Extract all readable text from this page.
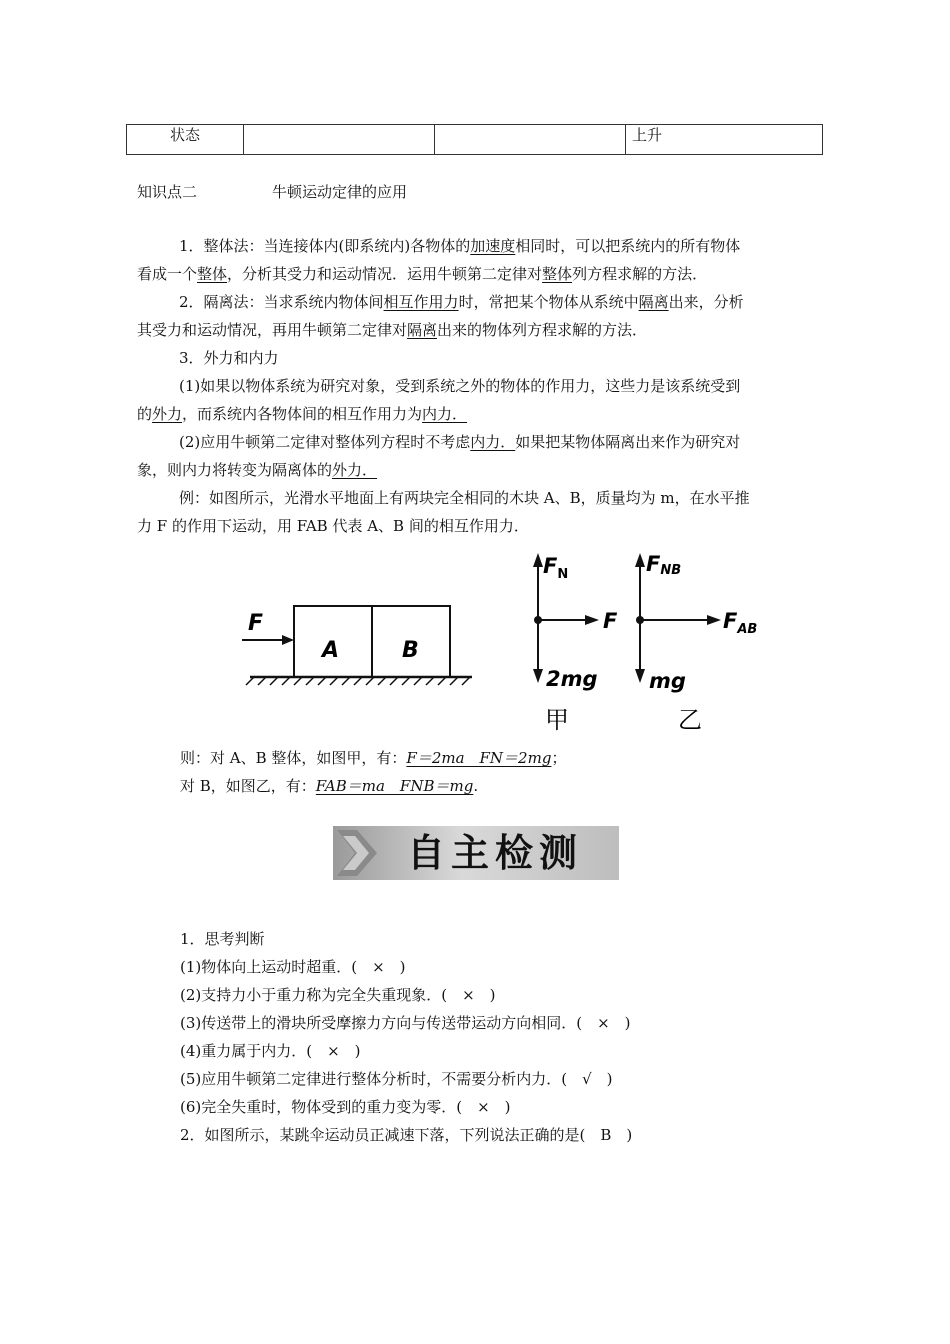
状态			上升
知识点二	牛顿运动定律的应用
1．整体法：当连接体内(即系统内)各物体的加速度相同时，可以把系统内的所有物体
看成一个整体，分析其受力和运动情况．运用牛顿第二定律对整体列方程求解的方法．
2．隔离法：当求系统内物体间相互作用力时，常把某个物体从系统中隔离出来，分析
其受力和运动情况，再用牛顿第二定律对隔离出来的物体列方程求解的方法．
3．外力和内力
(1)如果以物体系统为研究对象，受到系统之外的物体的作用力，这些力是该系统受到
的外力，而系统内各物体间的相互作用力为内力．
(2)应用牛顿第二定律对整体列方程时不考虑内力．如果把某物体隔离出来作为研究对
象，则内力将转变为隔离体的外力．
例：如图所示，光滑水平地面上有两块完全相同的木块 A、B，质量均为 m，在水平推
力 F 的作用下运动，用 FAB 代表 A、B 间的相互作用力．
F
A	B
$F_N$
F
2mg
甲
FNB
$F_{AB}$
mg
乙
则：对 A、B 整体，如图甲，有：F＝2ma　FN＝2mg；
对 B，如图乙，有：FAB＝ma　FNB＝mg.
自主检测
1．思考判断
(1)物体向上运动时超重．(　×　)
(2)支持力小于重力称为完全失重现象．(　×　)
(3)传送带上的滑块所受摩擦力方向与传送带运动方向相同．(　×　)
(4)重力属于内力．(　×　)
(5)应用牛顿第二定律进行整体分析时，不需要分析内力．(　√　)
(6)完全失重时，物体受到的重力变为零．(　×　)
2．如图所示，某跳伞运动员正减速下落，下列说法正确的是(　B　)
